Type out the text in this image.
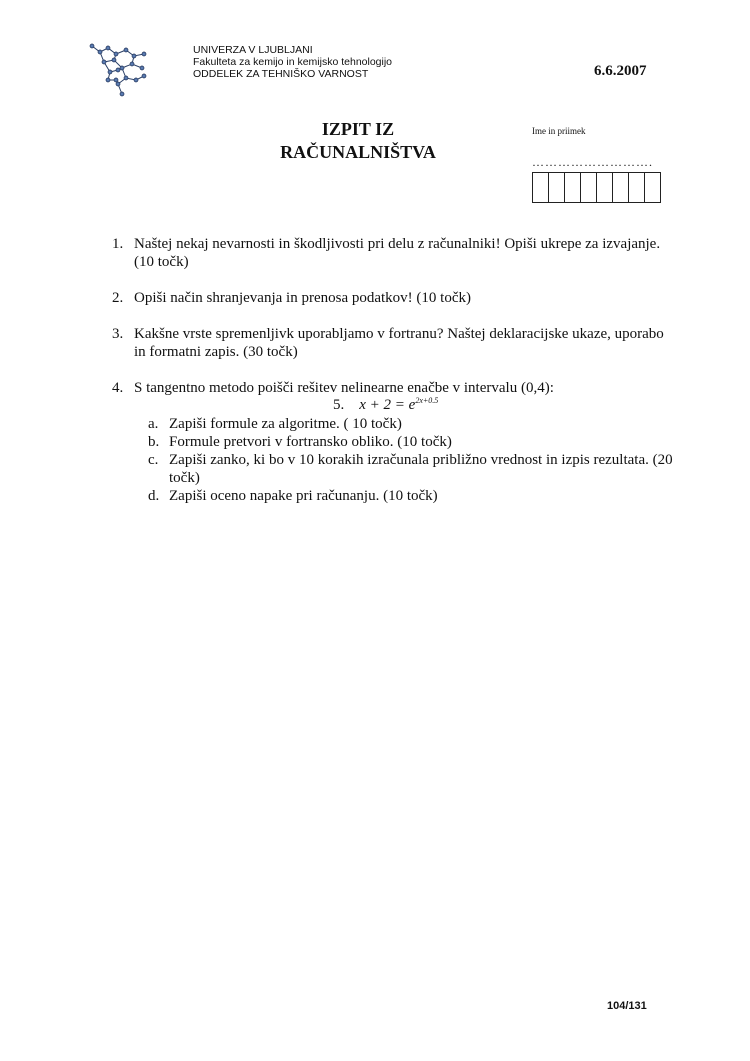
UNIVERZA V LJUBLJANI
Fakulteta za kemijo in kemijsko tehnologijo
ODDELEK ZA TEHNIŠKO VARNOST	6.6.2007
IZPIT IZ
RAČUNALNIŠTVA
Ime in priimek
……………………….
1. Naštej nekaj nevarnosti in škodljivosti pri delu z računalniki! Opiši ukrepe za izvajanje. (10 točk)
2. Opiši način shranjevanja in prenosa podatkov! (10 točk)
3. Kakšne vrste spremenljivk uporabljamo v fortranu? Naštej deklaracijske ukaze, uporabo in formatni zapis. (30 točk)
4. S tangentno metodo poišči rešitev nelinearne enačbe v intervalu (0,4):
5. $x + 2 = e^{2x+0.5}$
a. Zapiši formule za algoritme. ( 10 točk)
b. Formule pretvori v fortransko obliko. (10 točk)
c. Zapiši zanko, ki bo v 10 korakih izračunala približno vrednost in izpis rezultata. (20 točk)
d. Zapiši oceno napake pri računanju. (10 točk)
104/131
